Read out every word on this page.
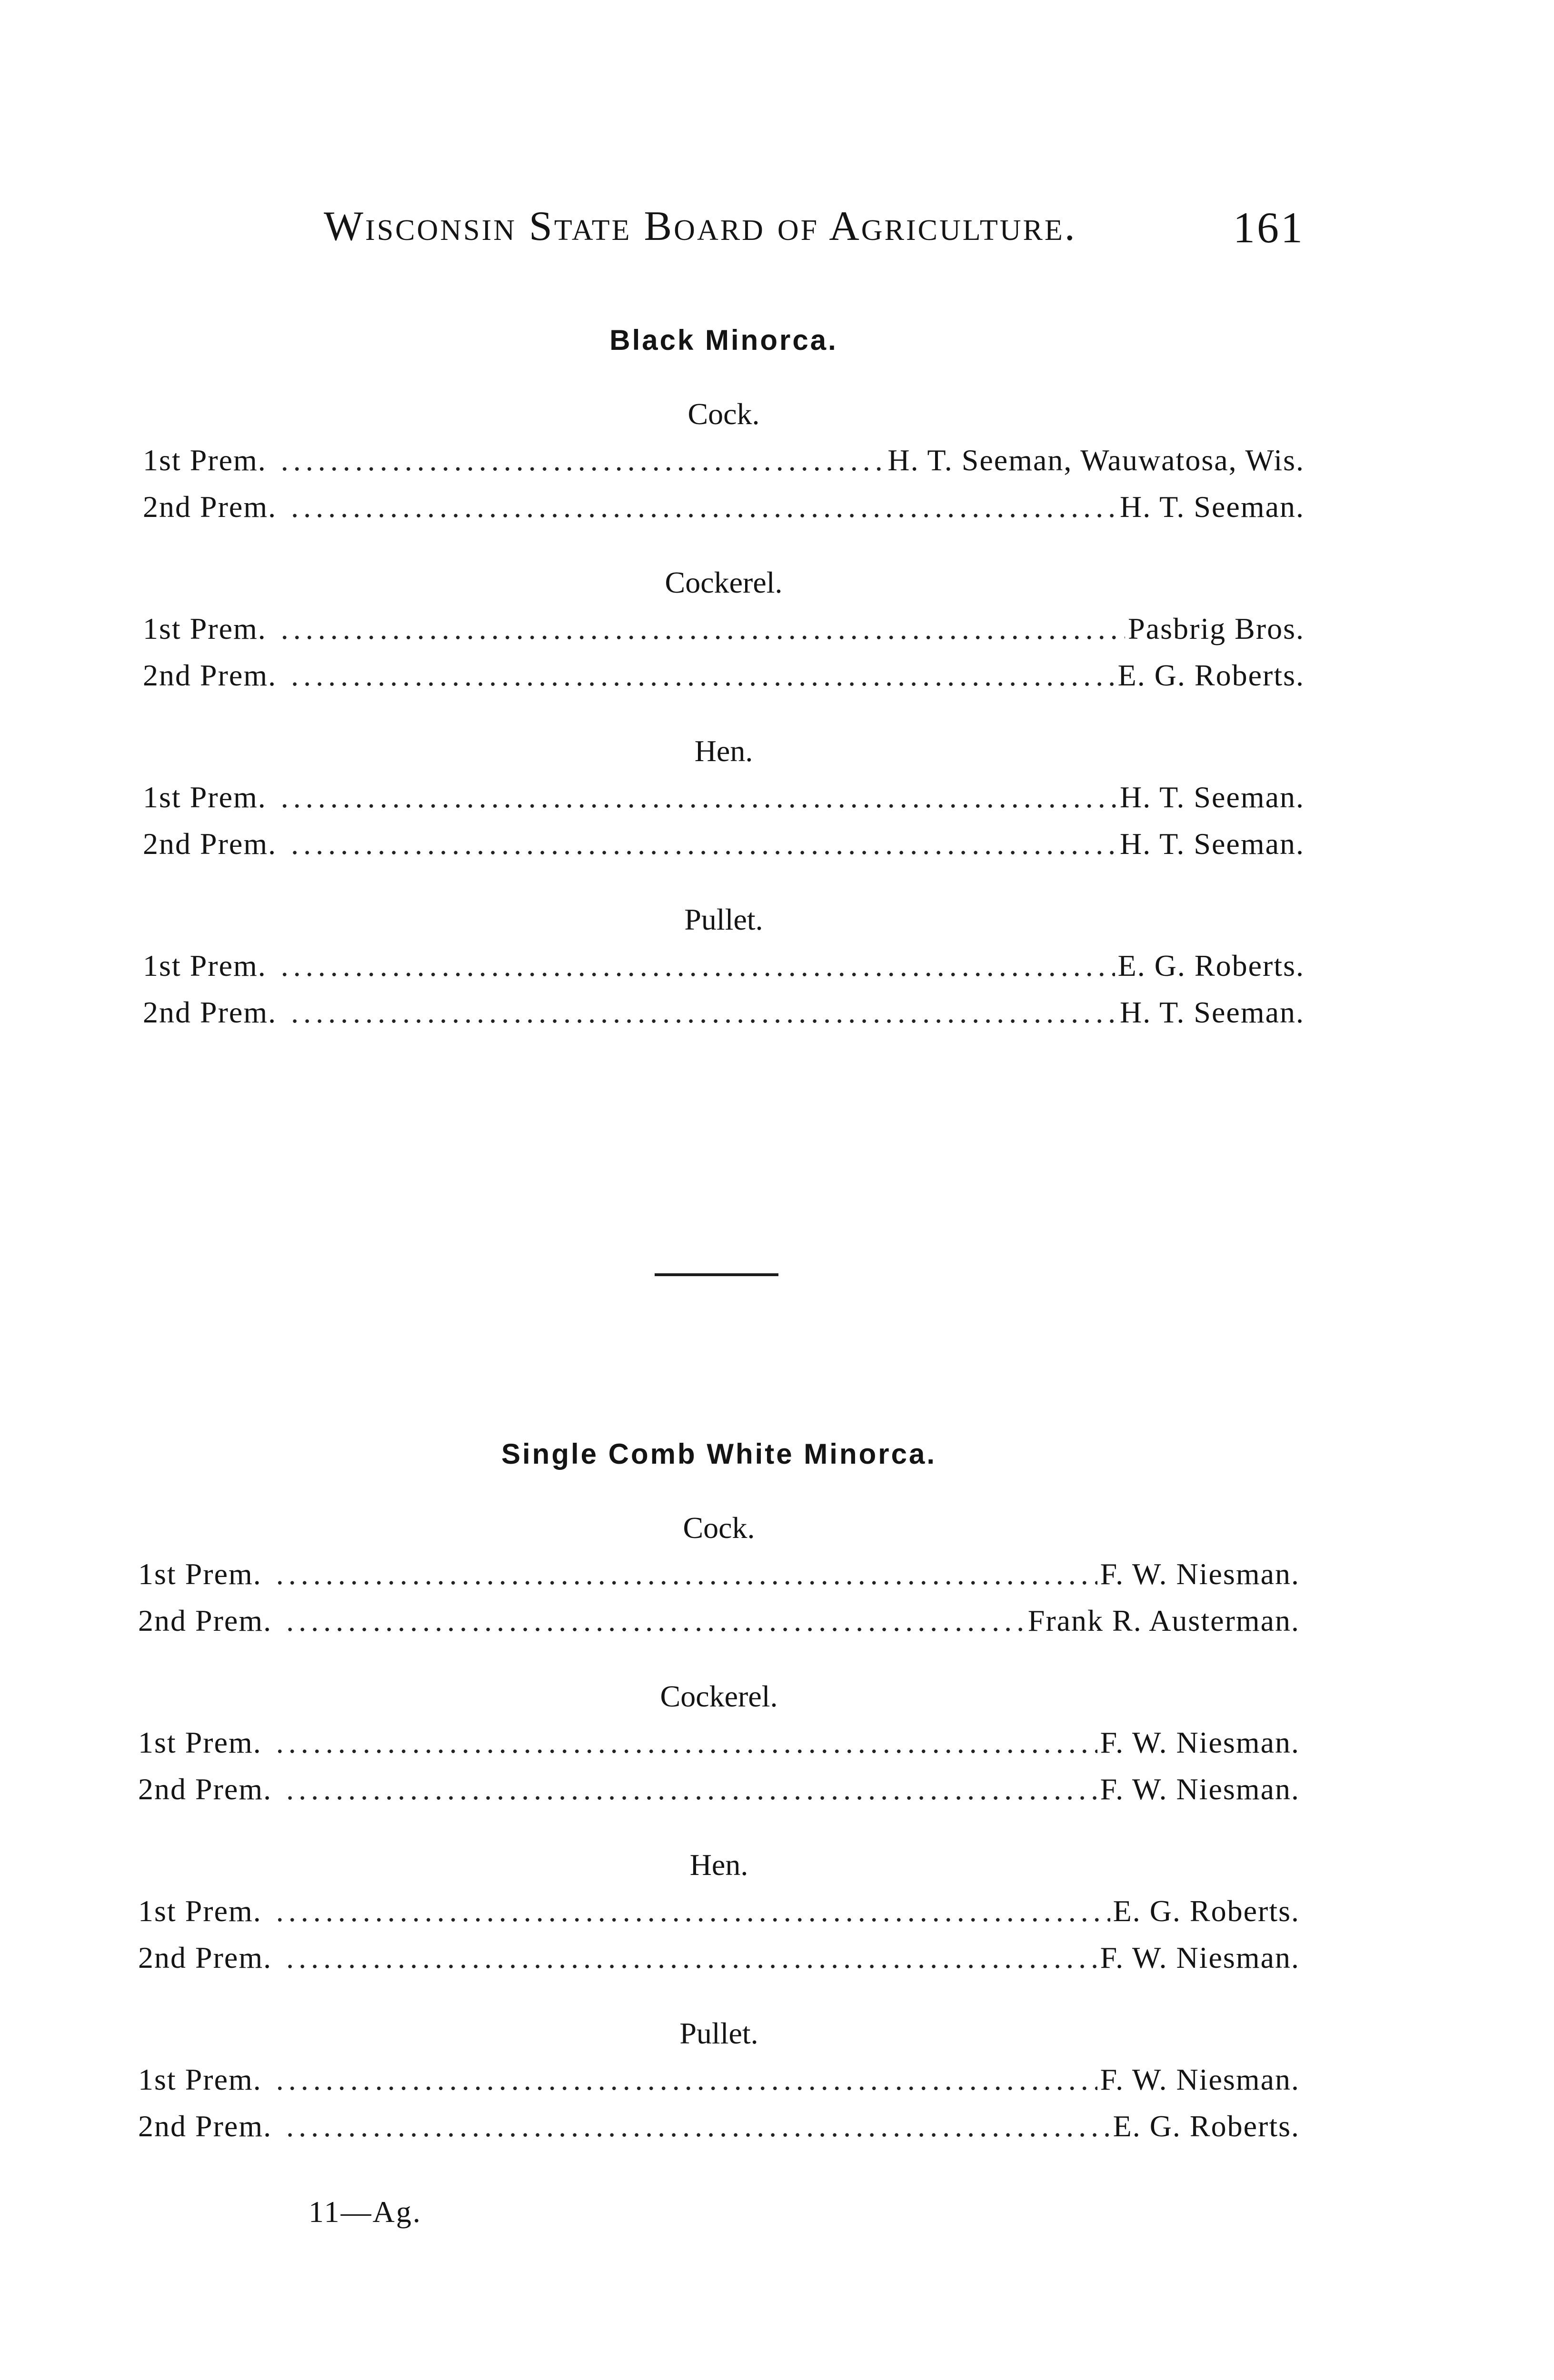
Wisconsin State Board of Agriculture.	161
Black Minorca.
Cock.
1st Prem. .....	H. T. Seeman, Wauwatosa, Wis.
2nd Prem. .....	H. T. Seeman.
Cockerel.
1st Prem. .....	Pasbrig Bros.
2nd Prem. .....	E. G. Roberts.
Hen.
1st Prem. .....	H. T. Seeman.
2nd Prem. .....	H. T. Seeman.
Pullet.
1st Prem. .....	E. G. Roberts.
2nd Prem. .....	H. T. Seeman.
Single Comb White Minorca.
Cock.
1st Prem. .....	F. W. Niesman.
2nd Prem. .....	Frank R. Austerman.
Cockerel.
1st Prem. .....	F. W. Niesman.
2nd Prem. .....	F. W. Niesman.
Hen.
1st Prem. .....	E. G. Roberts.
2nd Prem. .....	F. W. Niesman.
Pullet.
1st Prem. .....	F. W. Niesman.
2nd Prem. .....	E. G. Roberts.
11—Ag.
